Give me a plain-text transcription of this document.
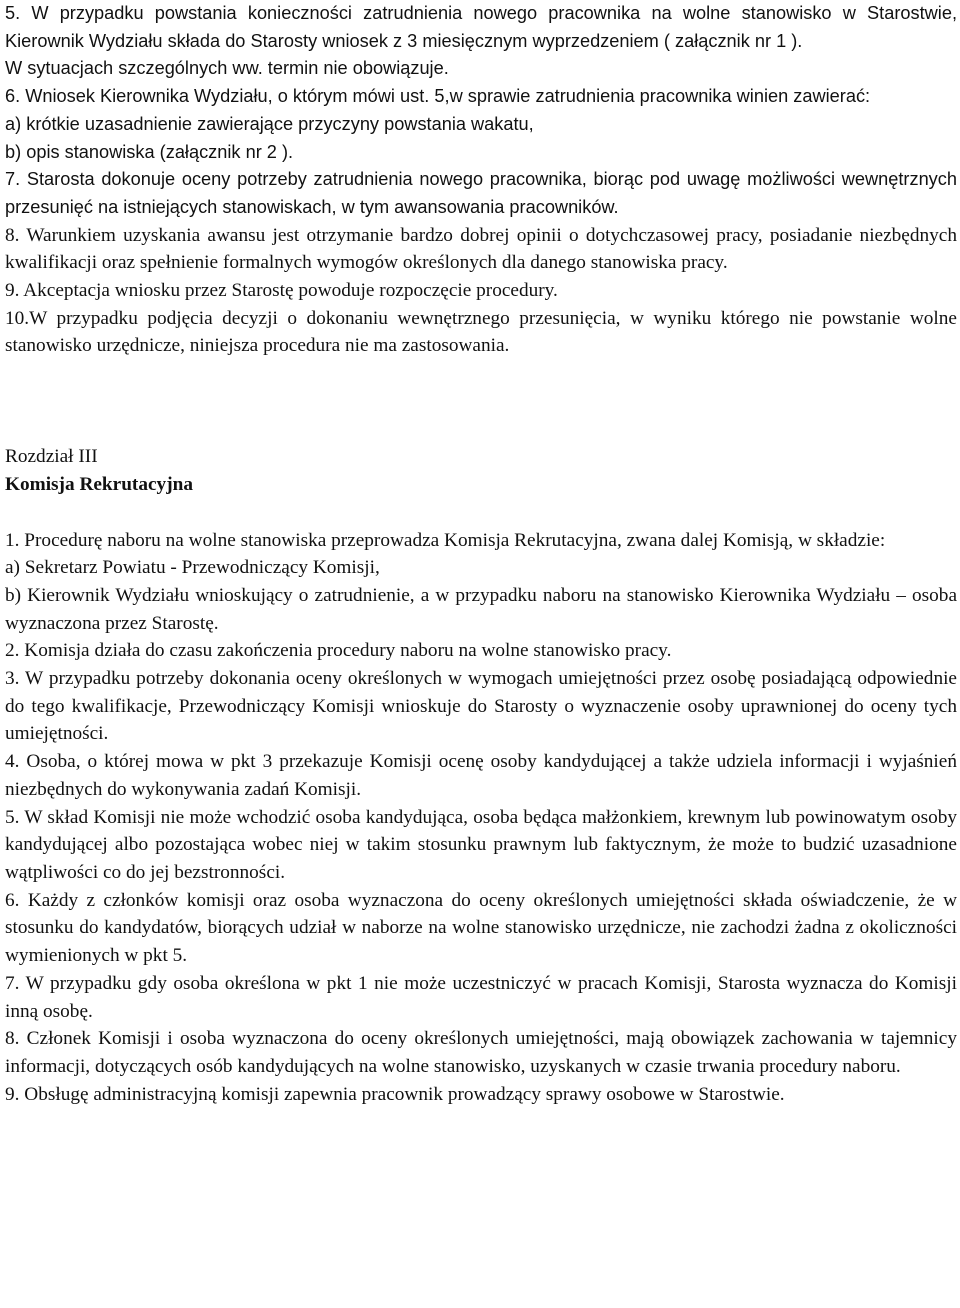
5. W przypadku powstania konieczności zatrudnienia nowego pracownika na wolne stanowisko w Starostwie, Kierownik Wydziału składa do Starosty wniosek z 3 miesięcznym wyprzedzeniem ( załącznik nr 1 ).

W sytuacjach szczególnych ww. termin nie obowiązuje.

6. Wniosek Kierownika Wydziału, o którym mówi ust. 5,w sprawie zatrudnienia pracownika winien zawierać:

a) krótkie uzasadnienie zawierające przyczyny powstania wakatu,

b) opis stanowiska (załącznik nr 2 ).

7. Starosta dokonuje oceny potrzeby zatrudnienia nowego pracownika, biorąc pod uwagę możliwości wewnętrznych przesunięć na istniejących stanowiskach, w tym awansowania pracowników.

8. Warunkiem uzyskania awansu jest otrzymanie bardzo dobrej opinii o dotychczasowej pracy, posiadanie niezbędnych kwalifikacji oraz spełnienie formalnych wymogów określonych dla danego stanowiska pracy.

9. Akceptacja wniosku przez Starostę powoduje rozpoczęcie procedury.

10.W przypadku podjęcia decyzji o dokonaniu wewnętrznego przesunięcia, w wyniku którego nie powstanie wolne stanowisko urzędnicze, niniejsza procedura nie ma zastosowania.

Rozdział III

Komisja Rekrutacyjna

1. Procedurę naboru na wolne stanowiska przeprowadza Komisja Rekrutacyjna, zwana dalej Komisją, w składzie:

a) Sekretarz Powiatu - Przewodniczący Komisji,

b) Kierownik Wydziału wnioskujący o zatrudnienie, a w przypadku naboru na stanowisko Kierownika Wydziału – osoba wyznaczona przez Starostę.

2. Komisja działa do czasu zakończenia procedury naboru na wolne stanowisko pracy.

3. W przypadku potrzeby dokonania oceny określonych w wymogach umiejętności przez osobę posiadającą odpowiednie do tego kwalifikacje, Przewodniczący Komisji wnioskuje do Starosty o wyznaczenie osoby uprawnionej do oceny tych umiejętności.

4. Osoba, o której mowa w pkt 3 przekazuje Komisji ocenę osoby kandydującej a także udziela informacji i wyjaśnień niezbędnych do wykonywania zadań Komisji.

5. W skład Komisji nie może wchodzić osoba kandydująca, osoba będąca małżonkiem, krewnym lub powinowatym osoby kandydującej albo pozostająca wobec niej w takim stosunku prawnym lub faktycznym, że może to budzić uzasadnione wątpliwości co do jej bezstronności.

6. Każdy z członków komisji oraz osoba wyznaczona do oceny określonych umiejętności składa oświadczenie, że w stosunku do kandydatów, biorących udział w naborze na wolne stanowisko urzędnicze, nie zachodzi żadna z okoliczności wymienionych w pkt 5.

7. W przypadku gdy osoba określona w pkt 1 nie może uczestniczyć w pracach Komisji, Starosta wyznacza do Komisji inną osobę.

8. Członek Komisji i osoba wyznaczona do oceny określonych umiejętności, mają obowiązek zachowania w tajemnicy informacji, dotyczących osób kandydujących na wolne stanowisko, uzyskanych w czasie trwania procedury naboru.

9. Obsługę administracyjną komisji zapewnia pracownik prowadzący sprawy osobowe w Starostwie.
